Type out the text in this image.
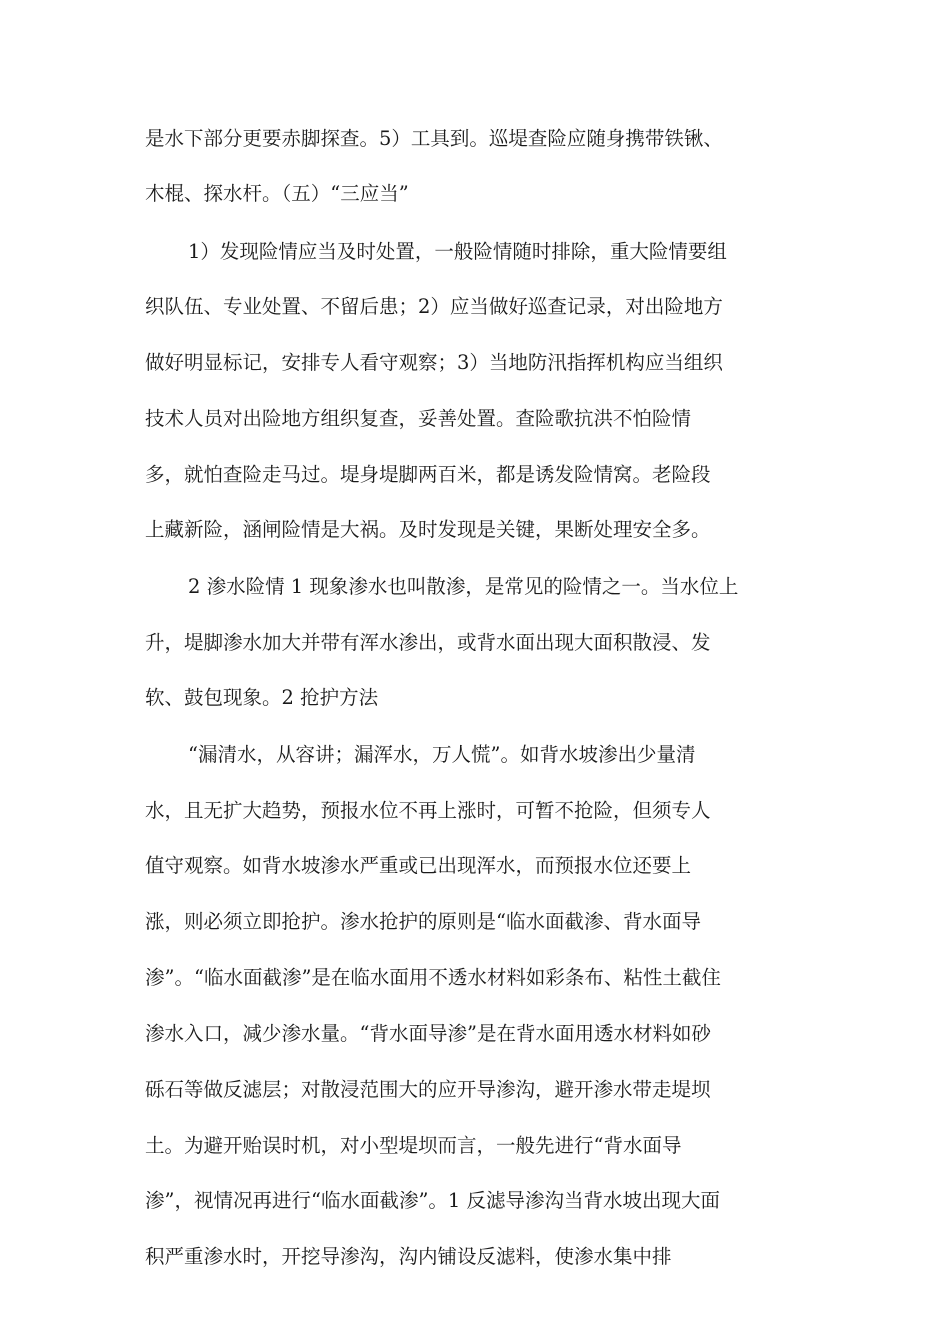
是水下部分更要赤脚探查。5）工具到。巡堤查险应随身携带铁锹、

木棍、探水杆。（五）“三应当”

1）发现险情应当及时处置，一般险情随时排除，重大险情要组

织队伍、专业处置、不留后患；2）应当做好巡查记录，对出险地方

做好明显标记，安排专人看守观察；3）当地防汛指挥机构应当组织

技术人员对出险地方组织复查，妥善处置。查险歌抗洪不怕险情

多，就怕查险走马过。堤身堤脚两百米，都是诱发险情窝。老险段

上藏新险，涵闸险情是大祸。及时发现是关键，果断处理安全多。

2 渗水险情 1 现象渗水也叫散渗，是常见的险情之一。当水位上

升，堤脚渗水加大并带有浑水渗出，或背水面出现大面积散浸、发

软、鼓包现象。2 抢护方法

“漏清水，从容讲；漏浑水，万人慌”。如背水坡渗出少量清

水，且无扩大趋势，预报水位不再上涨时，可暂不抢险，但须专人

值守观察。如背水坡渗水严重或已出现浑水，而预报水位还要上

涨，则必须立即抢护。渗水抢护的原则是“临水面截渗、背水面导

渗”。“临水面截渗”是在临水面用不透水材料如彩条布、粘性土截住

渗水入口，减少渗水量。“背水面导渗”是在背水面用透水材料如砂

砾石等做反滤层；对散浸范围大的应开导渗沟，避开渗水带走堤坝

土。为避开贻误时机，对小型堤坝而言，一般先进行“背水面导

渗”，视情况再进行“临水面截渗”。1 反滤导渗沟当背水坡出现大面

积严重渗水时，开挖导渗沟，沟内铺设反滤料，使渗水集中排
